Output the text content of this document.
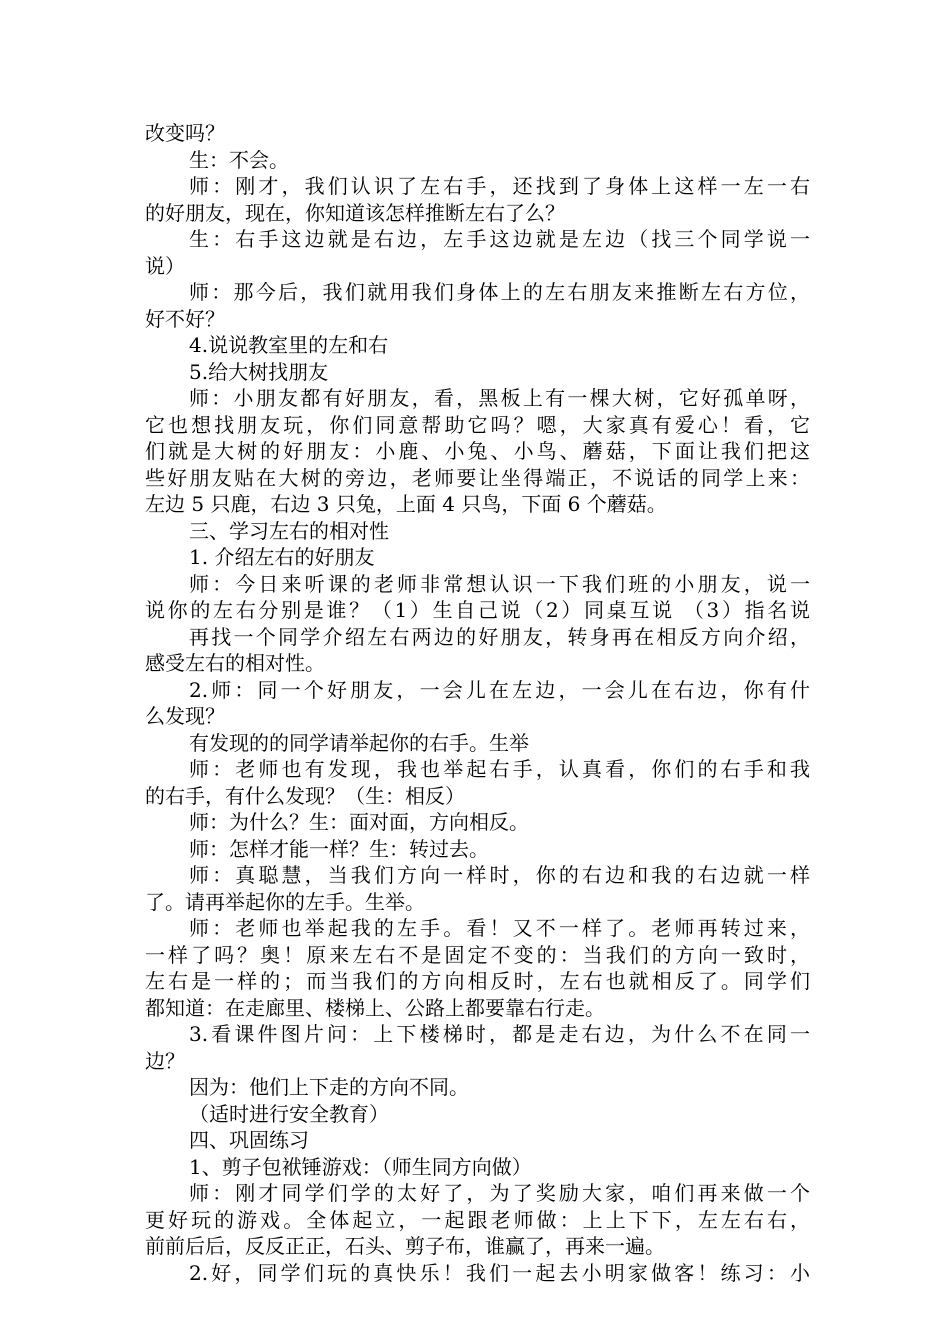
改变吗？
生：不会。
师：刚才，我们认识了左右手，还找到了身体上这样一左一右
的好朋友，现在，你知道该怎样推断左右了么？
生：右手这边就是右边，左手这边就是左边（找三个同学说一
说）
师：那今后，我们就用我们身体上的左右朋友来推断左右方位，
好不好？
4.说说教室里的左和右
5.给大树找朋友
师：小朋友都有好朋友，看，黑板上有一棵大树，它好孤单呀，
它也想找朋友玩，你们同意帮助它吗？嗯，大家真有爱心！看，它
们就是大树的好朋友：小鹿、小兔、小鸟、蘑菇，下面让我们把这
些好朋友贴在大树的旁边，老师要让坐得端正，不说话的同学上来：
左边 5 只鹿，右边 3 只兔，上面 4 只鸟，下面 6 个蘑菇。
三、学习左右的相对性
1. 介绍左右的好朋友
师：今日来听课的老师非常想认识一下我们班的小朋友，说一
说你的左右分别是谁？（1）生自己说（2）同桌互说 （3）指名说
再找一个同学介绍左右两边的好朋友，转身再在相反方向介绍，
感受左右的相对性。
2.师：同一个好朋友，一会儿在左边，一会儿在右边，你有什
么发现？
有发现的的同学请举起你的右手。生举
师：老师也有发现，我也举起右手，认真看，你们的右手和我
的右手，有什么发现？（生：相反）
师：为什么？生：面对面，方向相反。
师：怎样才能一样？生：转过去。
师：真聪慧，当我们方向一样时，你的右边和我的右边就一样
了。请再举起你的左手。生举。
师：老师也举起我的左手。看！又不一样了。老师再转过来，
一样了吗？奥！原来左右不是固定不变的：当我们的方向一致时，
左右是一样的；而当我们的方向相反时，左右也就相反了。同学们
都知道：在走廊里、楼梯上、公路上都要靠右行走。
3.看课件图片问：上下楼梯时，都是走右边，为什么不在同一
边？
因为：他们上下走的方向不同。
（适时进行安全教育）
四、巩固练习
1、剪子包袱锤游戏：（师生同方向做）
师：刚才同学们学的太好了，为了奖励大家，咱们再来做一个
更好玩的游戏。全体起立，一起跟老师做：上上下下，左左右右，
前前后后，反反正正，石头、剪子布，谁赢了，再来一遍。
2.好，同学们玩的真快乐！我们一起去小明家做客！练习：小
